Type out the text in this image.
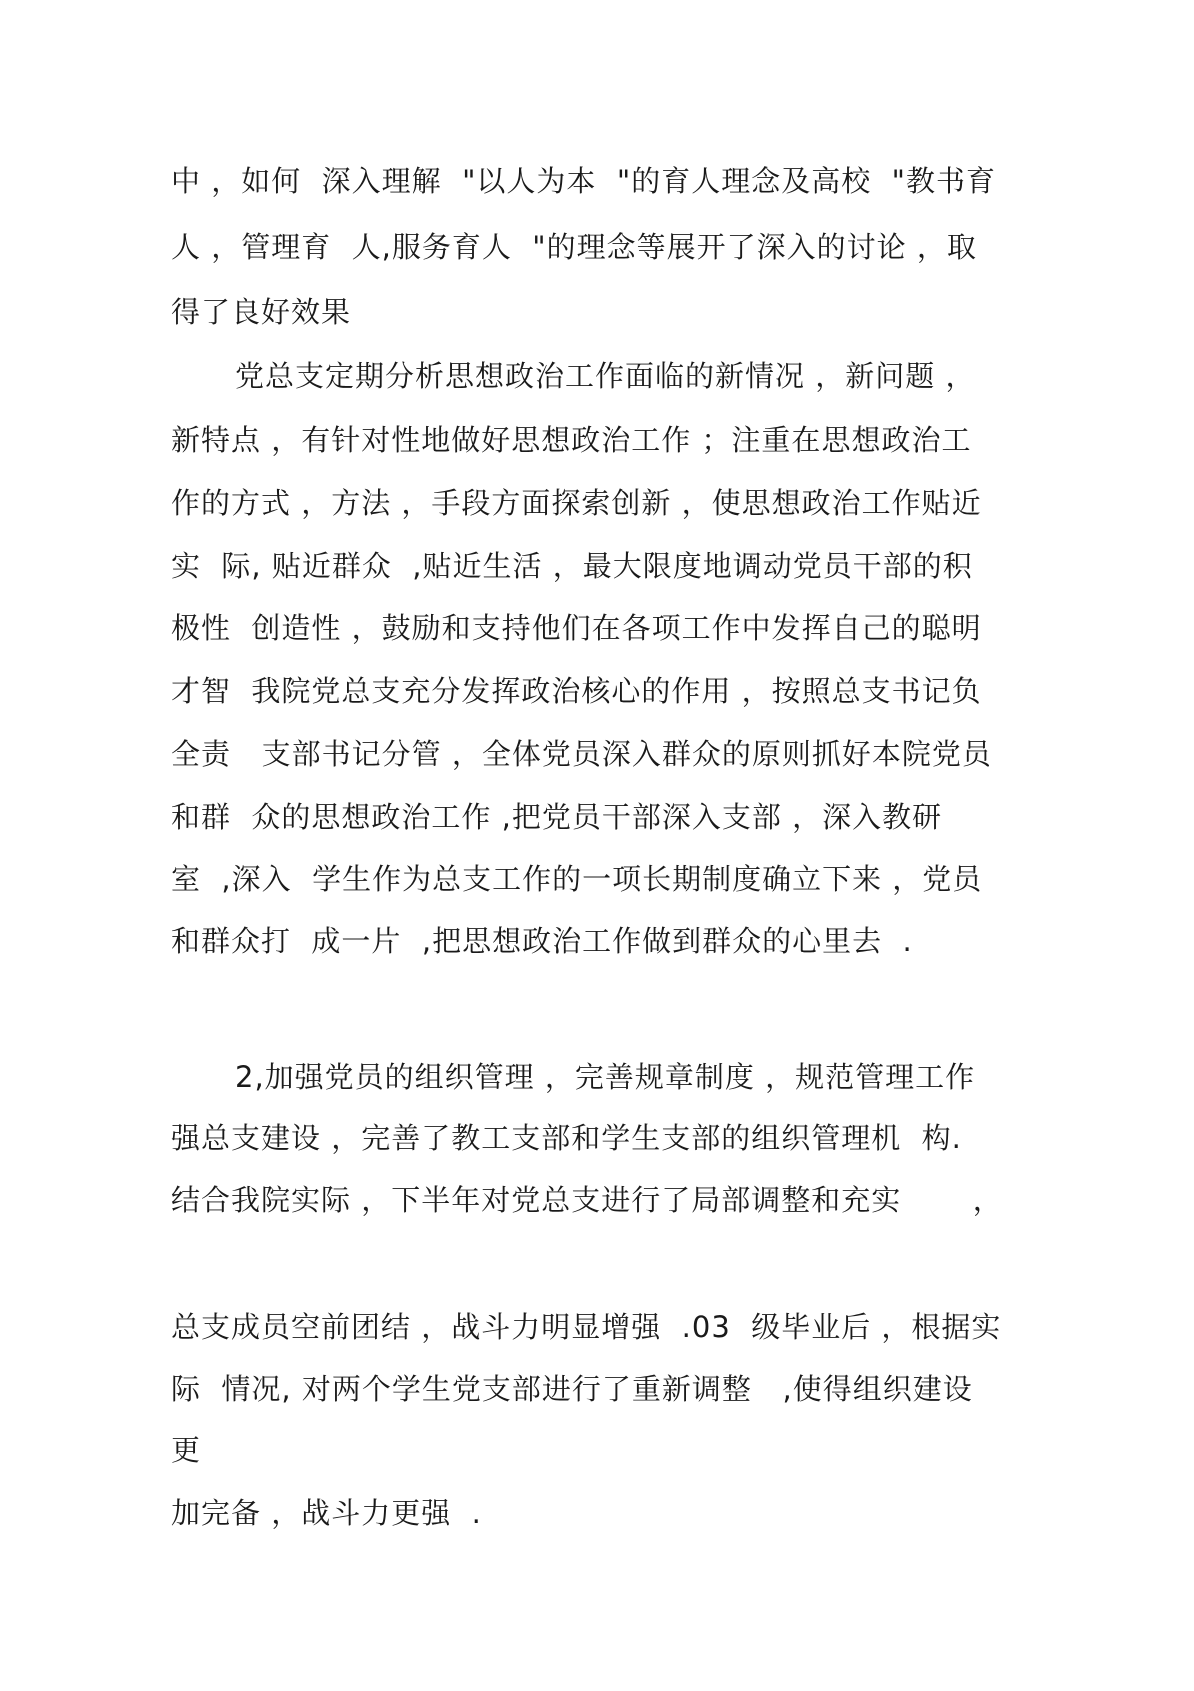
中 ，如何  深入理解  "以人为本  "的育人理念及高校  "教书育
人 ，管理育  人,服务育人  "的理念等展开了深入的讨论 ，取
得了良好效果
党总支定期分析思想政治工作面临的新情况 ，新问题 ，
新特点 ，有针对性地做好思想政治工作 ；注重在思想政治工
作的方式 ，方法 ，手段方面探索创新 ，使思想政治工作贴近
实  际, 贴近群众  ,贴近生活 ，最大限度地调动党员干部的积
极性  创造性 ，鼓励和支持他们在各项工作中发挥自己的聪明
才智  我院党总支充分发挥政治核心的作用 ，按照总支书记负
全责   支部书记分管 ，全体党员深入群众的原则抓好本院党员
和群  众的思想政治工作 ,把党员干部深入支部 ，深入教研
室  ,深入  学生作为总支工作的一项长期制度确立下来 ，党员
和群众打  成一片  ,把思想政治工作做到群众的心里去  .
2,加强党员的组织管理 ，完善规章制度 ，规范管理工作
强总支建设 ，完善了教工支部和学生支部的组织管理机  构.
结合我院实际 ，下半年对党总支进行了局部调整和充实       ，
总支成员空前团结 ，战斗力明显增强  .03  级毕业后 ，根据实
际  情况, 对两个学生党支部进行了重新调整   ,使得组织建设
更
加完备 ，战斗力更强  .
